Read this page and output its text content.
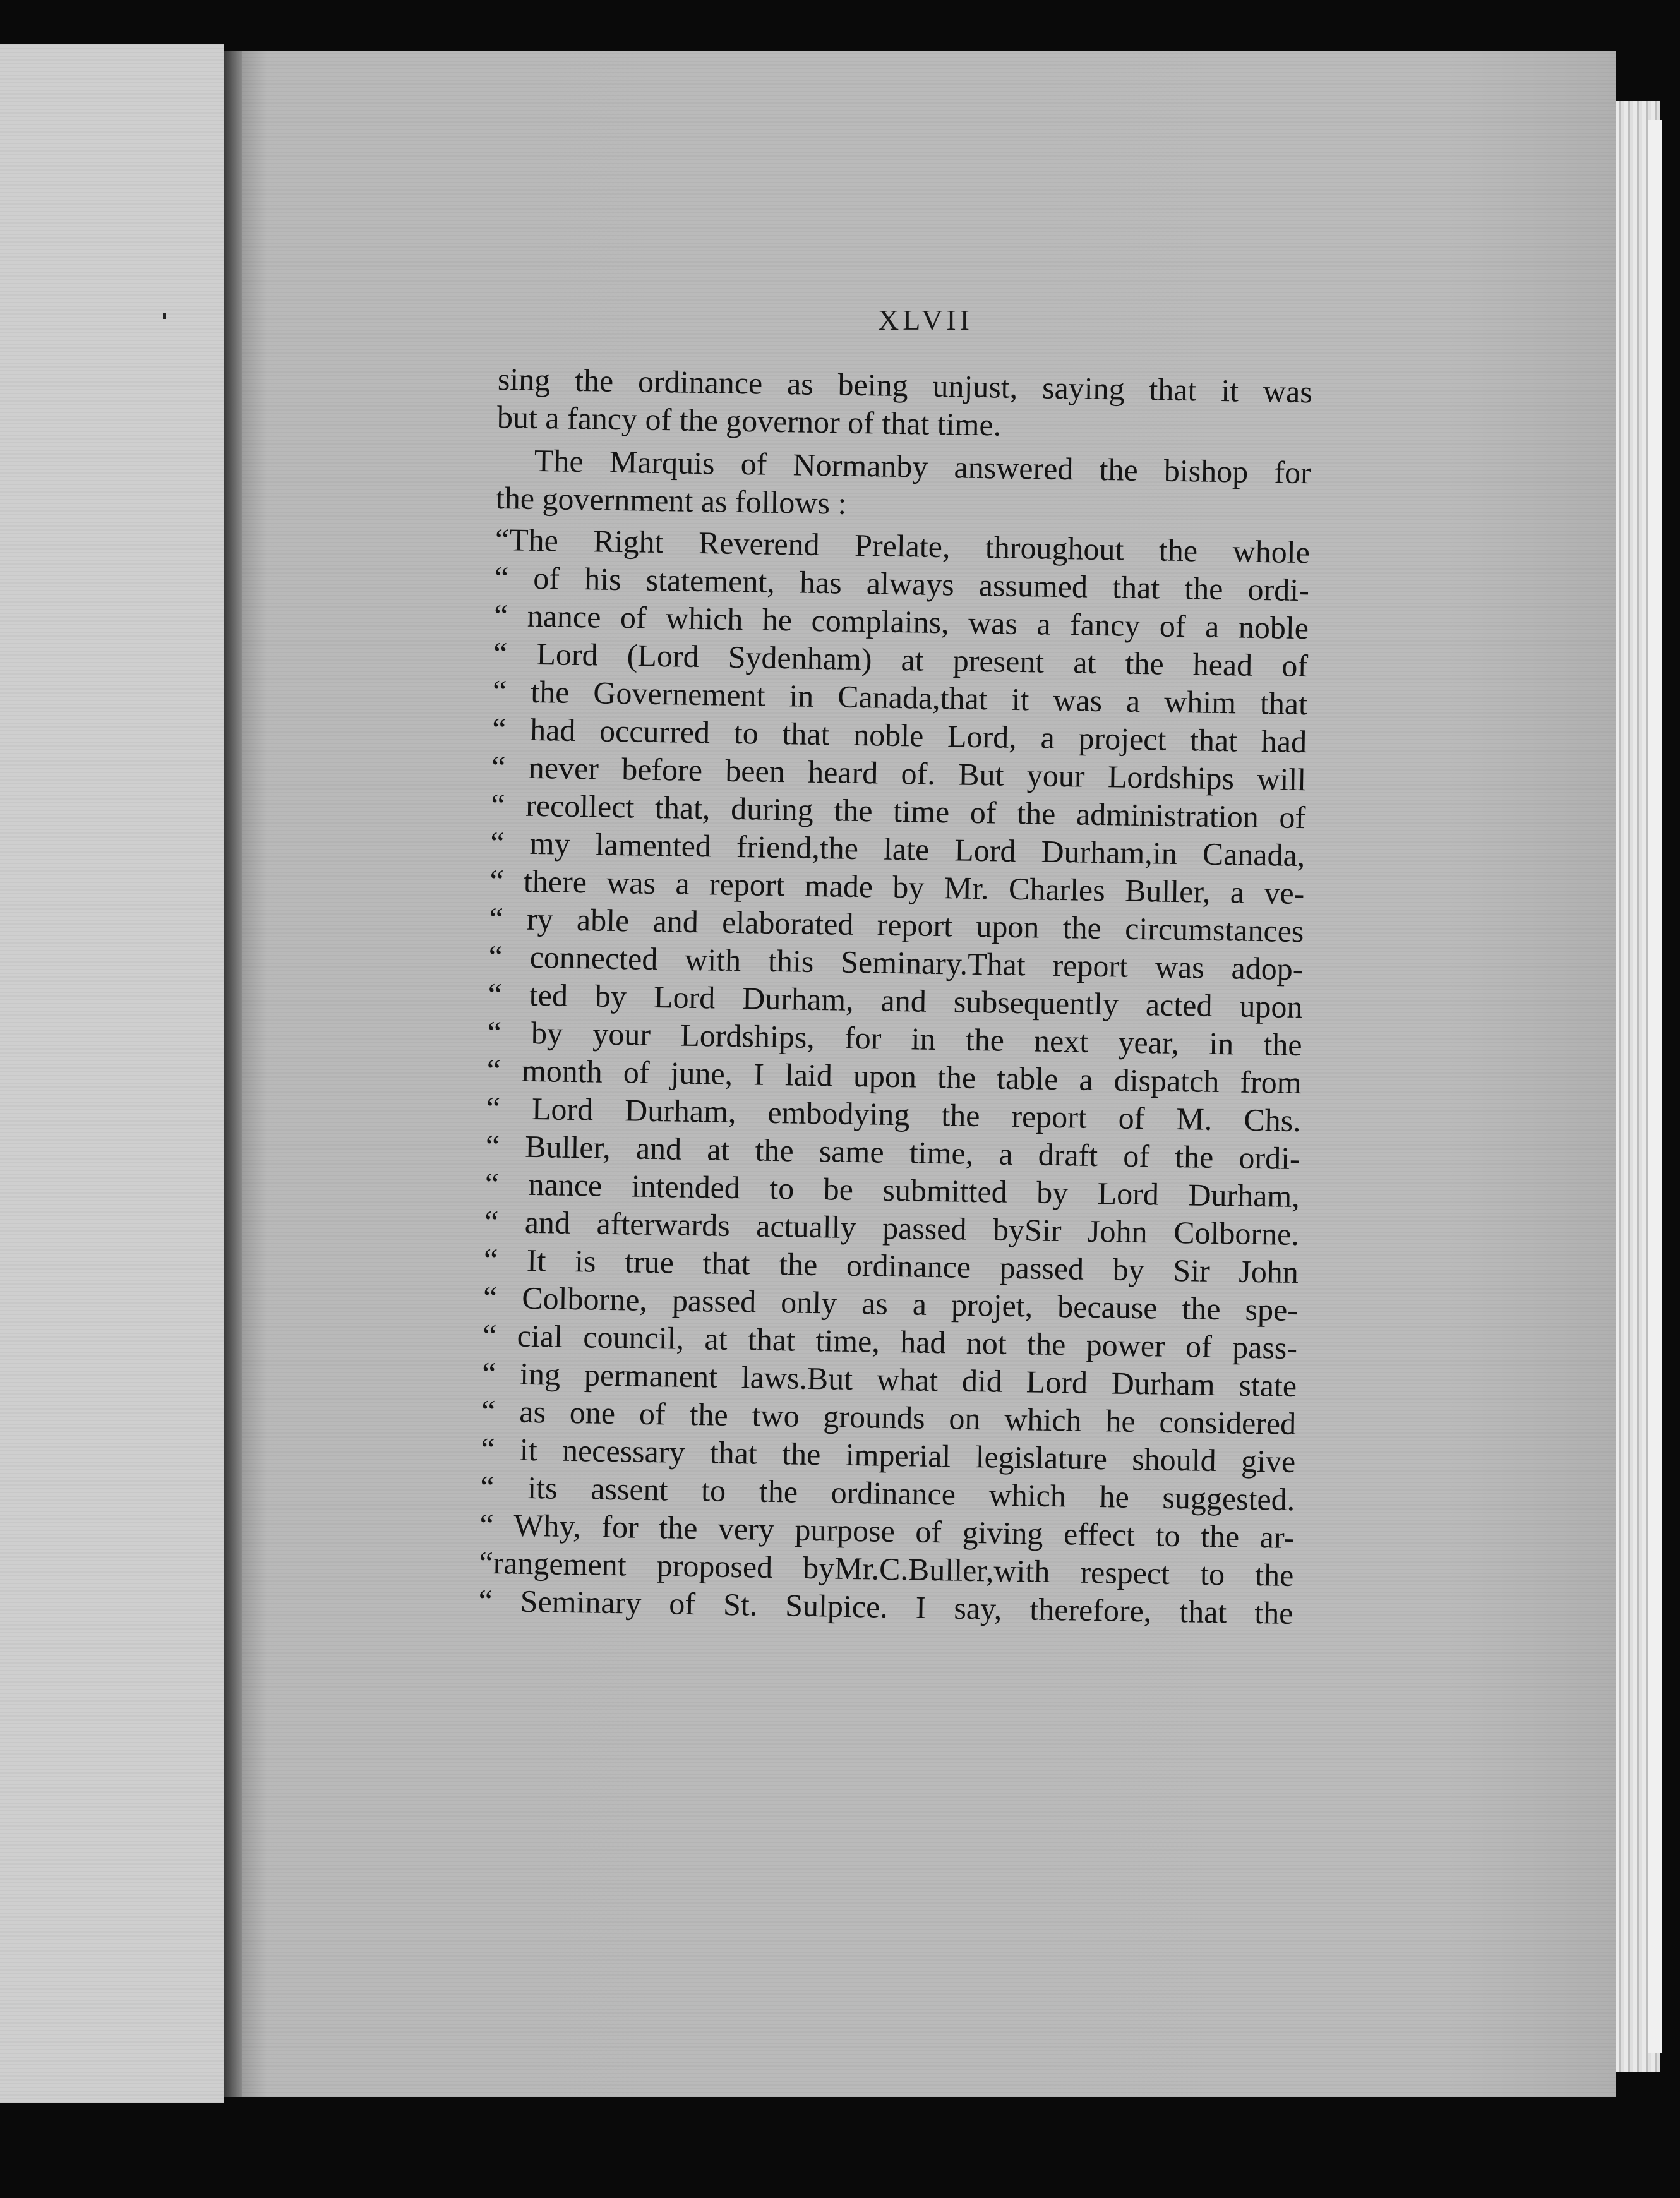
XLVII
sing the ordinance as being unjust, saying that it was
but a fancy of the governor of that time.
The Marquis of Normanby answered the bishop for
the government as follows :
“The Right Reverend Prelate, throughout the whole
“ of his statement, has always assumed that the ordi-
“ nance of which he complains, was a fancy of a noble
“ Lord (Lord Sydenham) at present at the head of
“ the Governement in Canada,that it was a whim that
“ had occurred to that noble Lord, a project that had
“ never before been heard of. But your Lordships will
“ recollect that, during the time of the administration of
“ my lamented friend,the late Lord Durham,in Canada,
“ there was a report made by Mr. Charles Buller, a ve-
“ ry able and elaborated report upon the circumstances
“ connected with this Seminary.That report was adop-
“ ted by Lord Durham, and subsequently acted upon
“ by your Lordships, for in the next year, in the
“ month of june, I laid upon the table a dispatch from
“ Lord Durham, embodying the report of M. Chs.
“ Buller, and at the same time, a draft of the ordi-
“ nance intended to be submitted by Lord Durham,
“ and afterwards actually passed bySir John Colborne.
“ It is true that the ordinance passed by Sir John
“ Colborne, passed only as a projet, because the spe-
“ cial council, at that time, had not the power of pass-
“ ing permanent laws.But what did Lord Durham state
“ as one of the two grounds on which he considered
“ it necessary that the imperial legislature should give
“ its assent to the ordinance which he suggested.
“ Why, for the very purpose of giving effect to the ar-
“rangement proposed byMr.C.Buller,with respect to the
“ Seminary of St. Sulpice. I say, therefore, that the
